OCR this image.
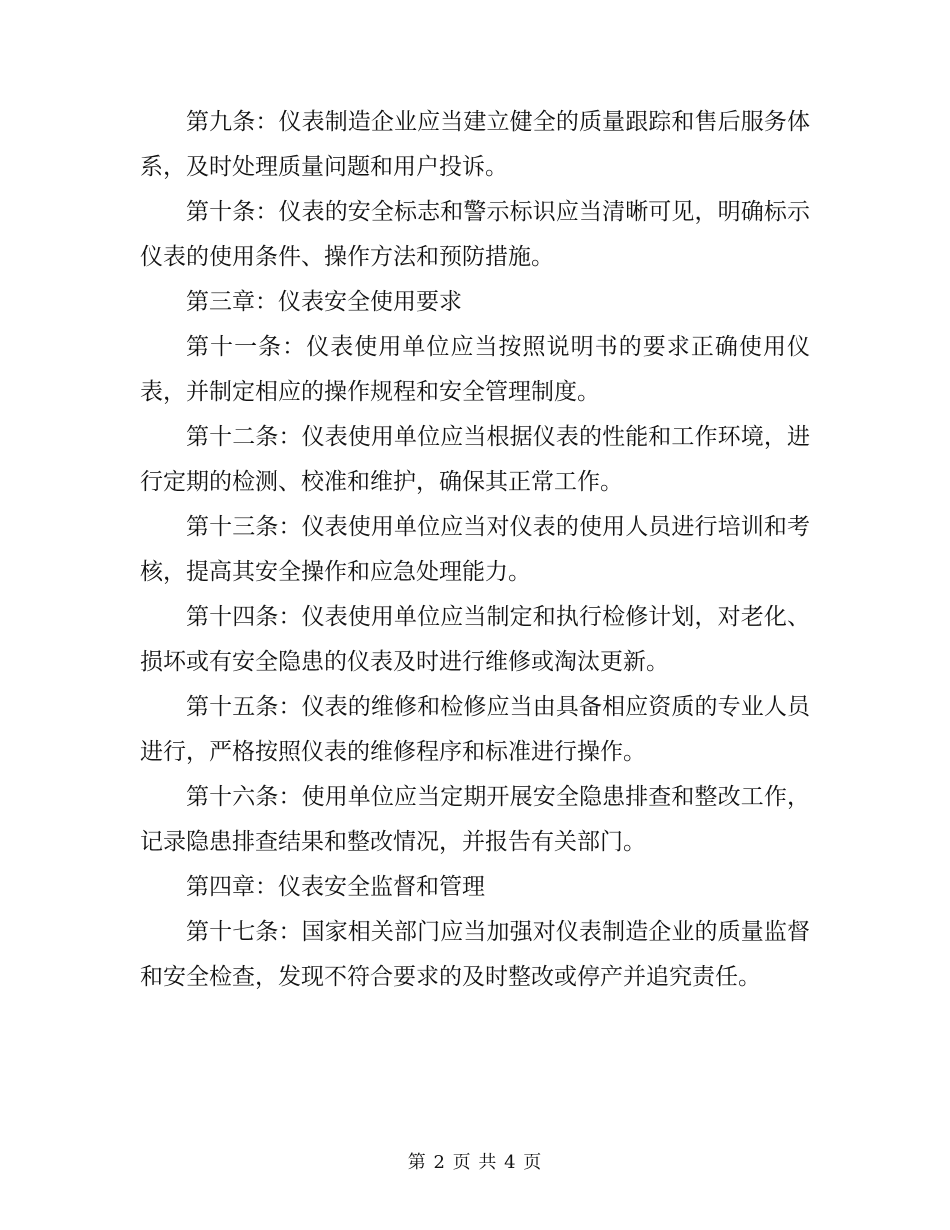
第九条：仪表制造企业应当建立健全的质量跟踪和售后服务体系，及时处理质量问题和用户投诉。

第十条：仪表的安全标志和警示标识应当清晰可见，明确标示仪表的使用条件、操作方法和预防措施。

第三章：仪表安全使用要求

第十一条：仪表使用单位应当按照说明书的要求正确使用仪表，并制定相应的操作规程和安全管理制度。

第十二条：仪表使用单位应当根据仪表的性能和工作环境，进行定期的检测、校准和维护，确保其正常工作。

第十三条：仪表使用单位应当对仪表的使用人员进行培训和考核，提高其安全操作和应急处理能力。

第十四条：仪表使用单位应当制定和执行检修计划，对老化、损坏或有安全隐患的仪表及时进行维修或淘汰更新。

第十五条：仪表的维修和检修应当由具备相应资质的专业人员进行，严格按照仪表的维修程序和标准进行操作。

第十六条：使用单位应当定期开展安全隐患排查和整改工作，记录隐患排查结果和整改情况，并报告有关部门。

第四章：仪表安全监督和管理

第十七条：国家相关部门应当加强对仪表制造企业的质量监督和安全检查，发现不符合要求的及时整改或停产并追究责任。

第 2 页 共 4 页
